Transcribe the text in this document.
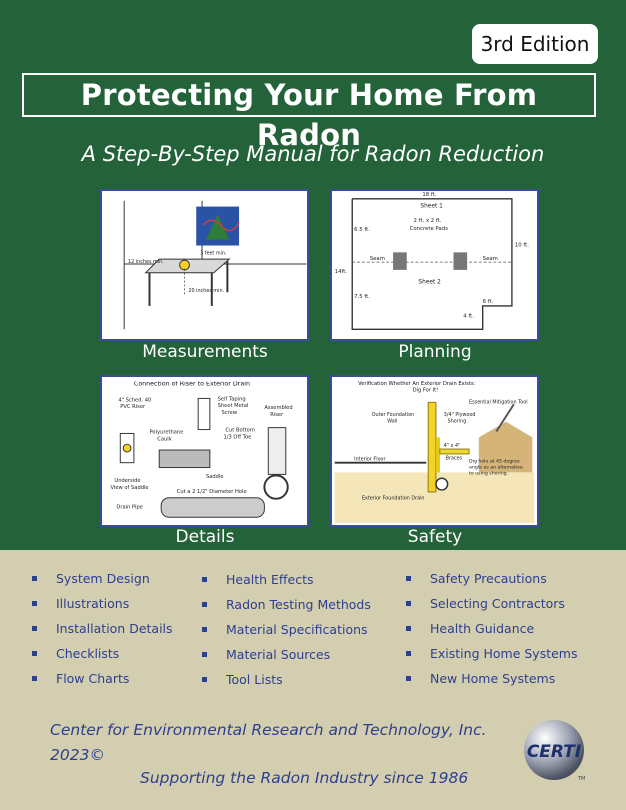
3rd Edition
Protecting Your Home From Radon
A Step-By-Step Manual for Radon Reduction
3 feet min.
12 inches min.
20 inches min.
Measurements
18 ft.
Sheet 1
6.5 ft.
2 ft. x 2 ft.
Concrete Pads
10 ft.
14ft.
Seam	Seam
Sheet 2
7.5 ft.
6 ft.
4 ft.
Planning
Connection of Riser to Exterior Drain
4" Sched. 40
PVC Riser
Self Taping
Sheet Metal
Screw
Assembled
Riser
Polyurethane
Caulk
Cut Bottom
1/3 Off Toe
Saddle
Underside
View of Saddle
Cut a 2 1/2" Diameter Hole
Drain Pipe
Details
Verification Whether An Exterior Drain Exists:
Dig For It!
Essential Mitigation Tool
Outer Foundation
Wall
3/4" Plywood
Shoring
4" x 4"
Braces
Interior Floor	Dig hole at 45 degree
angle as an alternative
to using shoring.
Exterior Foundation Drain
Safety
System Design
Illustrations
Installation Details
Checklists
Flow Charts
Health Effects
Radon Testing Methods
Material Specifications
Material Sources
Tool Lists
Safety Precautions
Selecting Contractors
Health Guidance
Existing Home Systems
New Home Systems
Center for Environmental Research and Technology, Inc.
2023©
Supporting the Radon Industry since 1986
CERTI
TM
